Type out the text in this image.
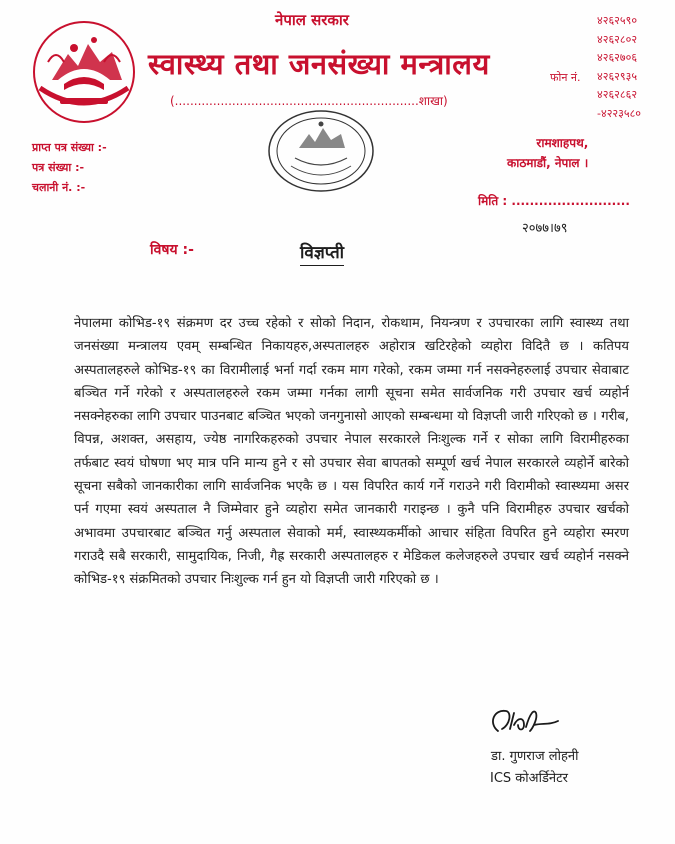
नेपाल सरकार
स्वास्थ्य तथा जनसंख्या मन्त्रालय
(................................................................शाखा)
फोन नं.
४२६२५९०
४२६२८०२
४२६२७०६
४२६२९३५
४२६२८६२
-४२२३५८०
रामशाहपथ,
काठमाडौं, नेपाल ।
प्राप्त पत्र संख्या :-
पत्र संख्या :-
चलानी नं. :-
मिति : ..........................
२०७७।७९
विषय :-	विज्ञप्ती
नेपालमा कोभिड-१९ संक्रमण दर उच्च रहेको र सोको निदान, रोकथाम, नियन्त्रण र उपचारका लागि स्वास्थ्य तथा जनसंख्या मन्त्रालय एवम् सम्बन्धित निकायहरु,अस्पतालहरु अहोरात्र खटिरहेको व्यहोरा विदितै छ । कतिपय अस्पतालहरुले कोभिड-१९ का विरामीलाई भर्ना गर्दा रकम माग गरेको, रकम जम्मा गर्न नसक्नेहरुलाई उपचार सेवाबाट बञ्चित गर्ने गरेको र अस्पतालहरुले रकम जम्मा गर्नका लागी सूचना समेत सार्वजनिक गरी उपचार खर्च व्यहोर्न नसक्नेहरुका लागि उपचार पाउनबाट बञ्चित भएको जनगुनासो आएको सम्बन्धमा यो विज्ञप्ती जारी गरिएको छ । गरीब, विपन्न, अशक्त, असहाय, ज्येष्ठ नागरिकहरुको उपचार नेपाल सरकारले निःशुल्क गर्ने र सोका लागि विरामीहरुका तर्फबाट स्वयं घोषणा भए मात्र पनि मान्य हुने र सो उपचार सेवा बापतको सम्पूर्ण खर्च नेपाल सरकारले व्यहोर्ने बारेको सूचना सबैको जानकारीका लागि सार्वजनिक भएकै छ । यस विपरित कार्य गर्ने गराउने गरी विरामीको स्वास्थ्यमा असर पर्न गएमा स्वयं अस्पताल नै जिम्मेवार हुने व्यहोरा समेत जानकारी गराइन्छ । कुनै पनि विरामीहरु उपचार खर्चको अभावमा उपचारबाट बञ्चित गर्नु अस्पताल सेवाको मर्म, स्वास्थ्यकर्मीको आचार संहिता विपरित हुने व्यहोरा स्मरण गराउदै सबै सरकारी, सामुदायिक, निजी, गैह्र सरकारी अस्पतालहरु र मेडिकल कलेजहरुले उपचार खर्च व्यहोर्न नसक्ने कोभिड-१९ संक्रमितको उपचार निःशुल्क गर्न हुन यो विज्ञप्ती जारी गरिएको छ ।
डा. गुणराज लोहनी
ICS कोअर्डिनेटर
